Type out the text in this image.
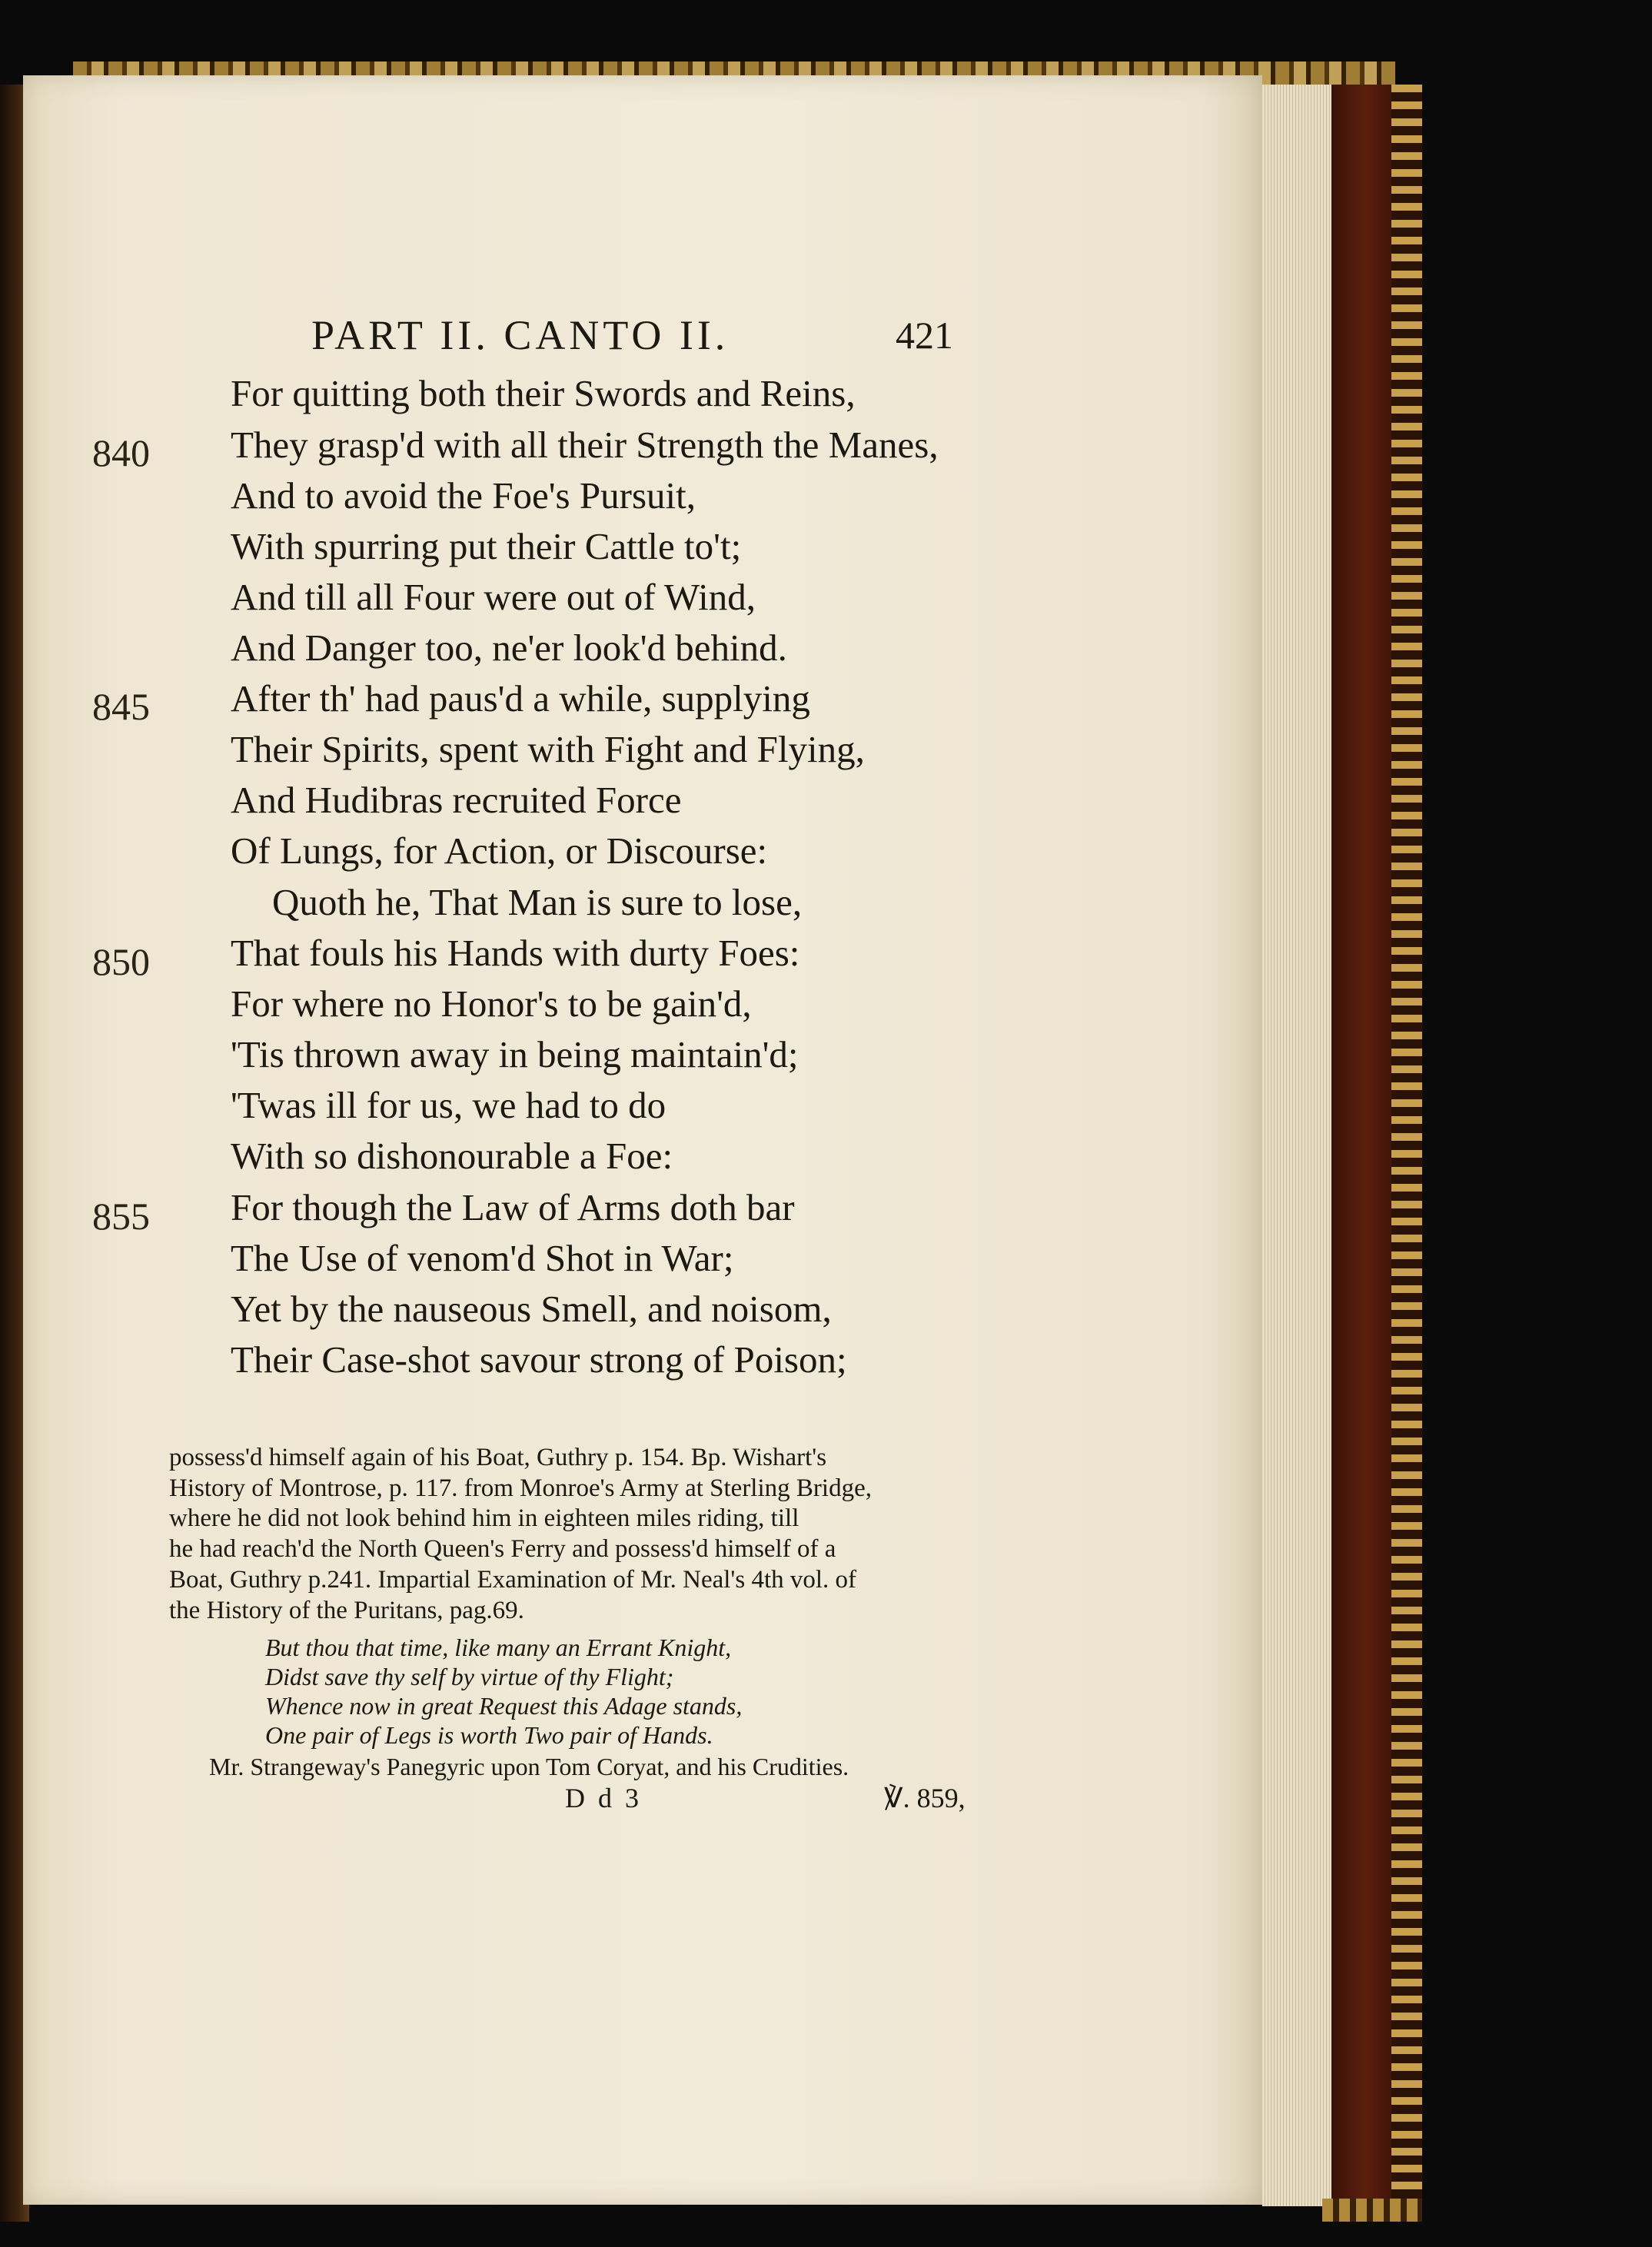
PART II. CANTO II.	421
840
845
850
855
For quitting both their Swords and Reins,
They grasp'd with all their Strength the Manes,
And to avoid the Foe's Pursuit,
With spurring put their Cattle to't;
And till all Four were out of Wind,
And Danger too, ne'er look'd behind.
After th' had paus'd a while, supplying
Their Spirits, spent with Fight and Flying,
And Hudibras recruited Force
Of Lungs, for Action, or Discourse:
Quoth he, That Man is sure to lose,
That fouls his Hands with durty Foes:
For where no Honor's to be gain'd,
'Tis thrown away in being maintain'd;
'Twas ill for us, we had to do
With so dishonourable a Foe:
For though the Law of Arms doth bar
The Use of venom'd Shot in War;
Yet by the nauseous Smell, and noisom,
Their Case-shot savour strong of Poison;
possess'd himself again of his Boat, Guthry p. 154. Bp. Wishart's
History of Montrose, p. 117. from Monroe's Army at Sterling Bridge,
where he did not look behind him in eighteen miles riding, till
he had reach'd the North Queen's Ferry and possess'd himself of a
Boat, Guthry p.241. Impartial Examination of Mr. Neal's 4th vol. of
the History of the Puritans, pag.69.
But thou that time, like many an Errant Knight,
Didst save thy self by virtue of thy Flight;
Whence now in great Request this Adage stands,
One pair of Legs is worth Two pair of Hands.
Mr. Strangeway's Panegyric upon Tom Coryat, and his Crudities.
D d 3	℣. 859,
